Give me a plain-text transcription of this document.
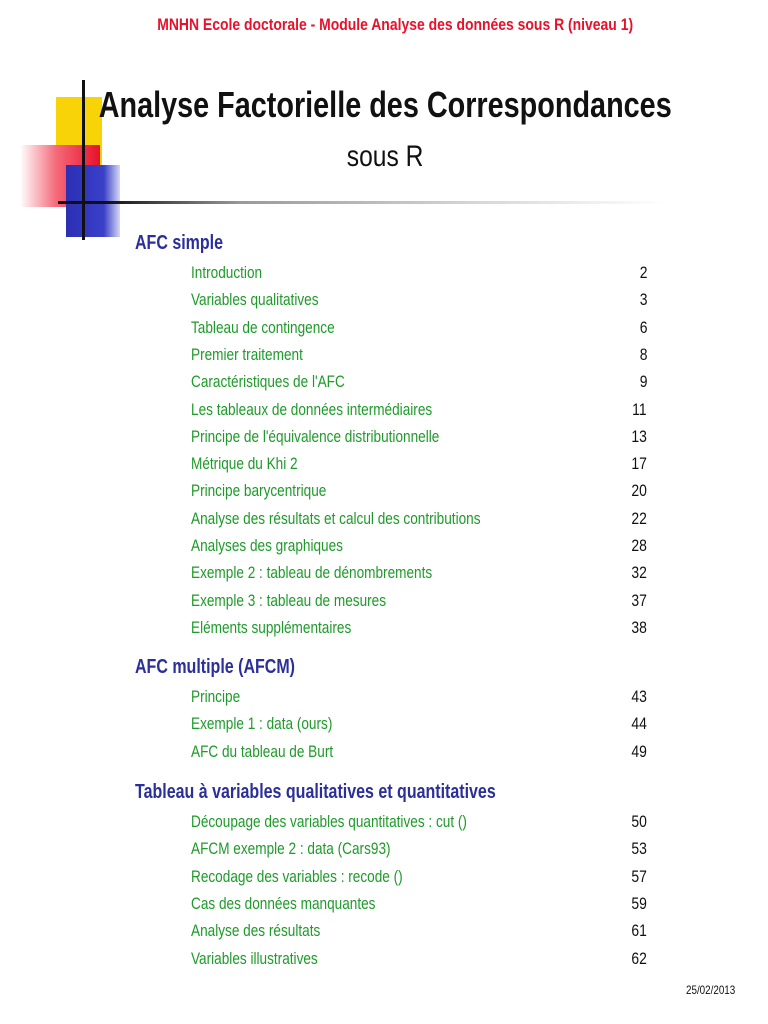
MNHN Ecole doctorale - Module Analyse des données sous R (niveau 1)
Analyse Factorielle des Correspondances
sous R
AFC simple
Introduction	2
Variables qualitatives	3
Tableau de contingence	6
Premier traitement	8
Caractéristiques de l'AFC	9
Les tableaux de données intermédiaires	11
Principe de l'équivalence distributionnelle	13
Métrique du Khi 2	17
Principe barycentrique	20
Analyse des résultats et calcul des contributions	22
Analyses des graphiques	28
Exemple 2 : tableau de dénombrements	32
Exemple 3 : tableau de mesures	37
Eléments supplémentaires	38
AFC multiple (AFCM)
Principe	43
Exemple 1 : data (ours)	44
AFC du tableau de Burt	49
Tableau à variables qualitatives et quantitatives
Découpage des variables quantitatives : cut ()	50
AFCM exemple 2 : data (Cars93)	53
Recodage des variables : recode ()	57
Cas des données manquantes	59
Analyse des résultats	61
Variables illustratives	62
25/02/2013
